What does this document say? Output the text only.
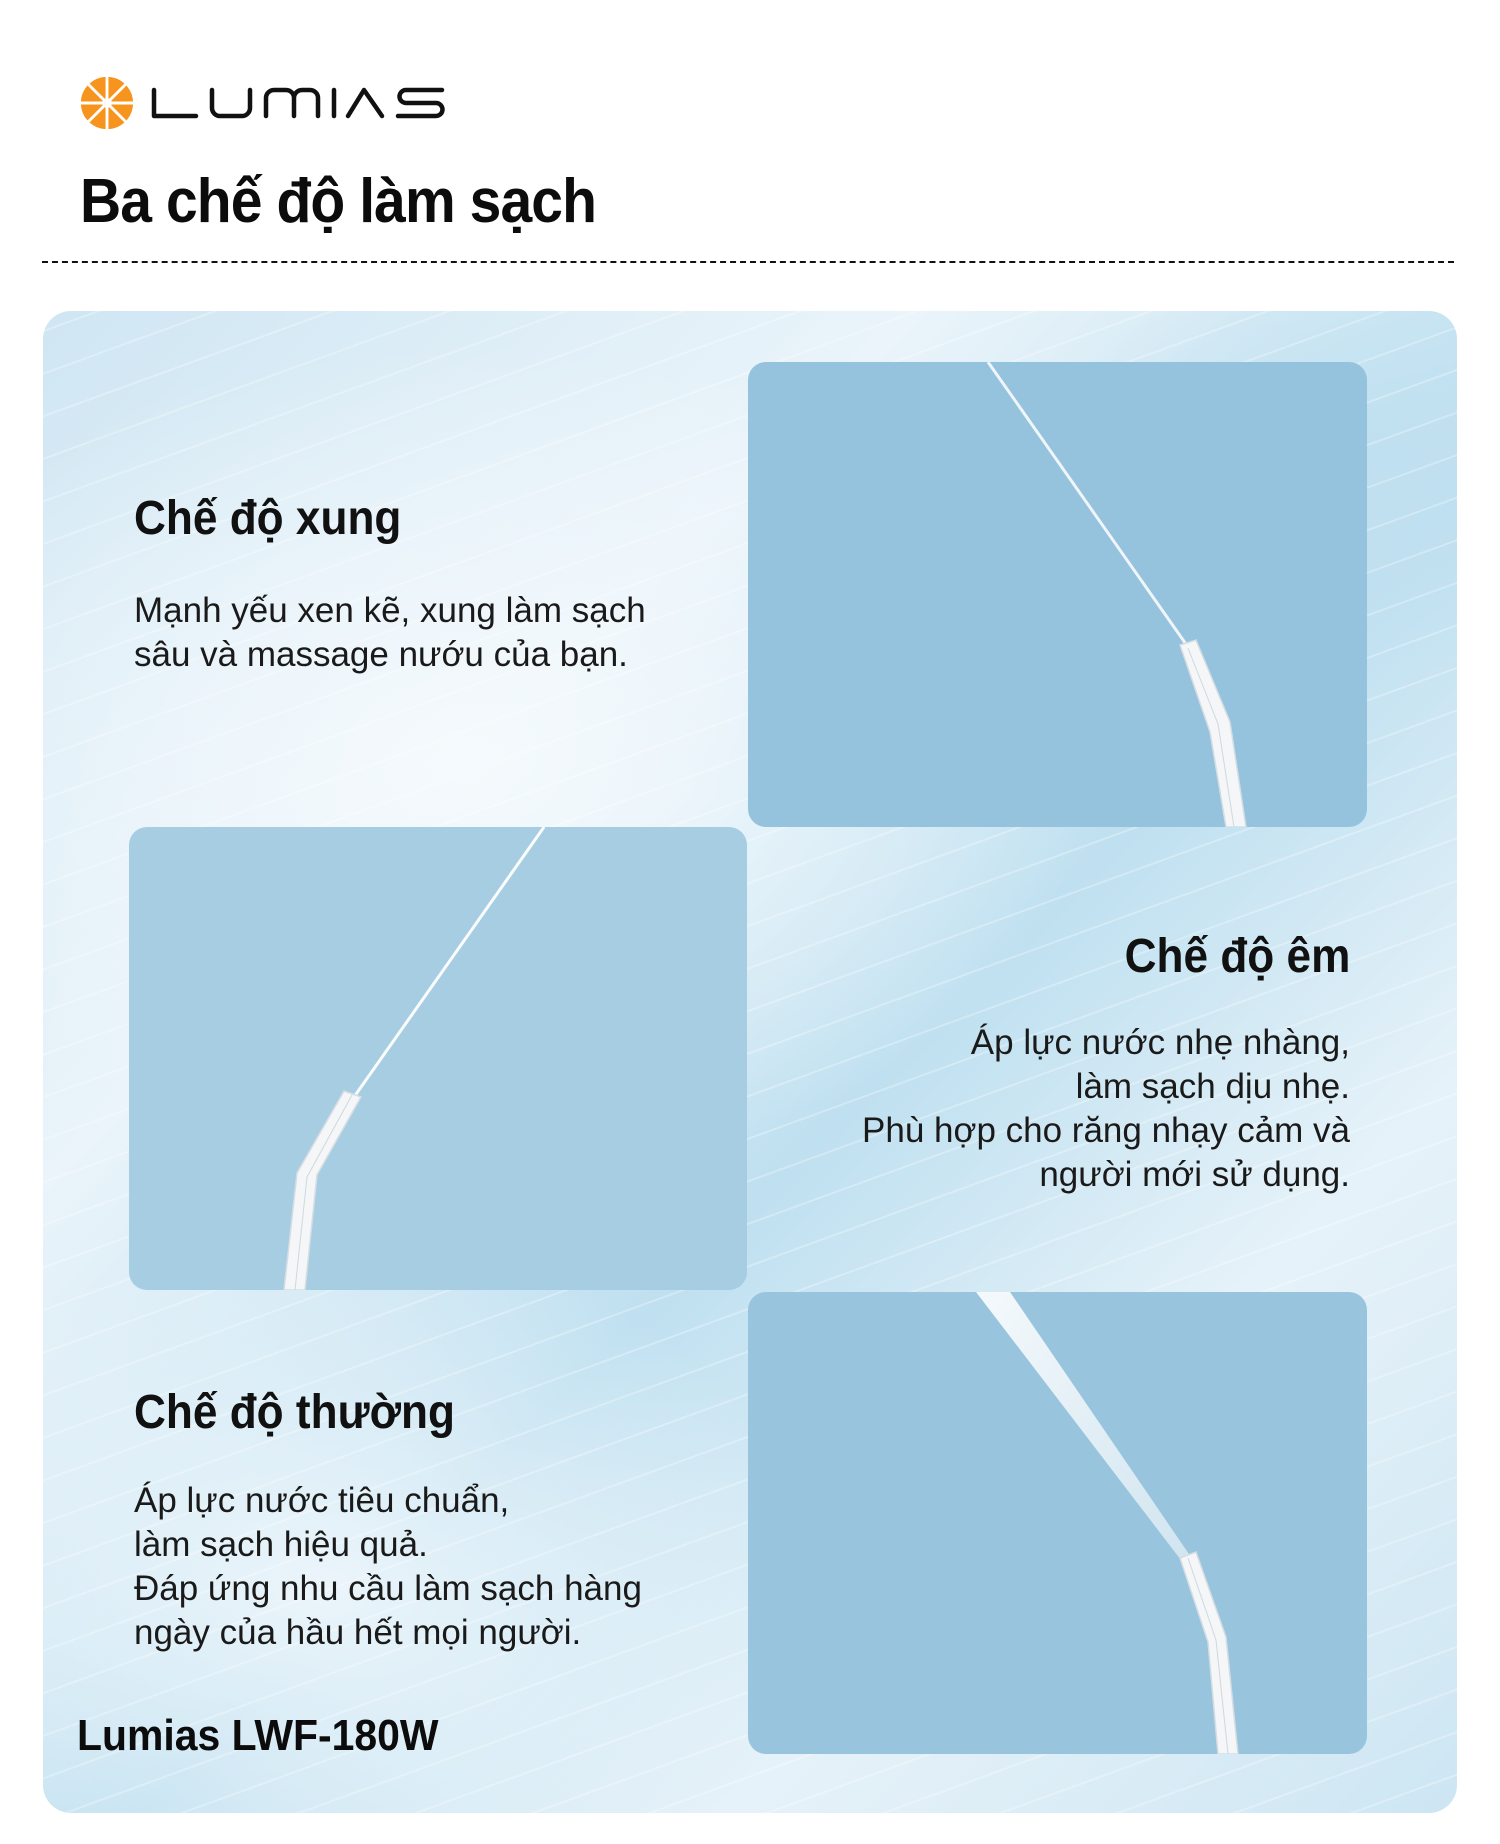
Ba chế độ làm sạch
Chế độ xung

Mạnh yếu xen kẽ, xung làm sạch
sâu và massage nướu của bạn.

Chế độ êm

Áp lực nước nhẹ nhàng,
làm sạch dịu nhẹ.
Phù hợp cho răng nhạy cảm và
người mới sử dụng.

Chế độ thường

Áp lực nước tiêu chuẩn,
làm sạch hiệu quả.
Đáp ứng nhu cầu làm sạch hàng
ngày của hầu hết mọi người.

Lumias LWF-180W
